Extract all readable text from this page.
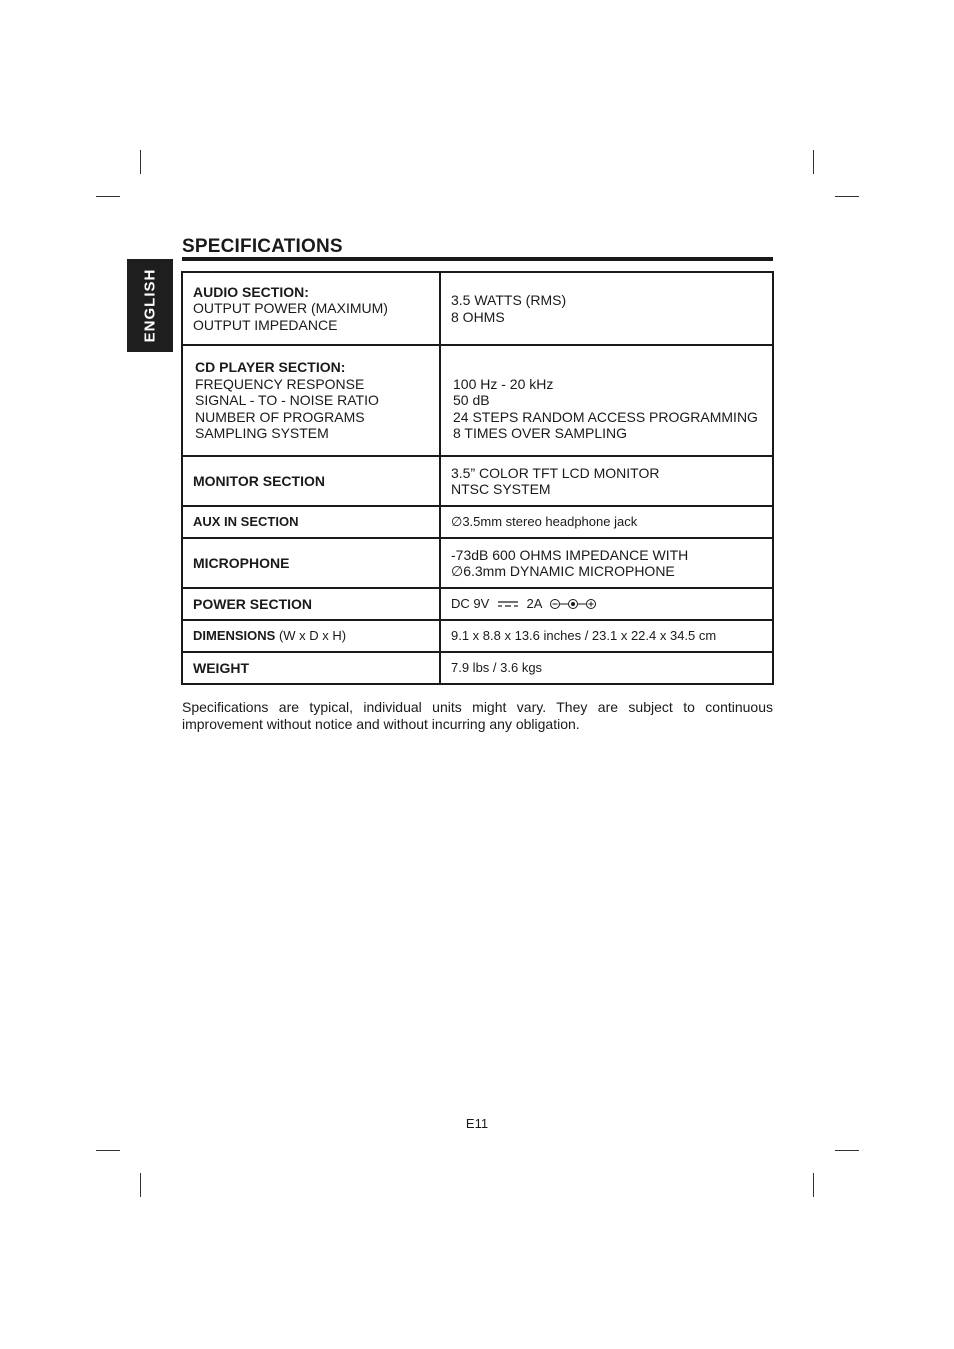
ENGLISH
SPECIFICATIONS
AUDIO SECTION:
OUTPUT POWER (MAXIMUM)
OUTPUT IMPEDANCE	3.5 WATTS (RMS)
8 OHMS

CD PLAYER SECTION:
FREQUENCY RESPONSE
SIGNAL - TO - NOISE RATIO
NUMBER OF PROGRAMS
SAMPLING SYSTEM	100 Hz - 20 kHz
50 dB
24 STEPS RANDOM ACCESS PROGRAMMING
8 TIMES OVER SAMPLING

MONITOR SECTION	3.5” COLOR TFT LCD MONITOR
NTSC SYSTEM

AUX IN SECTION	∅3.5mm stereo headphone jack
MICROPHONE	-73dB 600 OHMS IMPEDANCE WITH
∅6.3mm DYNAMIC MICROPHONE

POWER SECTION	DC 9V 2A
DIMENSIONS (W x D x H)	9.1 x 8.8 x 13.6 inches / 23.1 x 22.4 x 34.5 cm
WEIGHT	7.9 lbs / 3.6 kgs

Specifications are typical, individual units might vary. They are subject to continuous improvement without notice and without incurring any obligation.

E11
